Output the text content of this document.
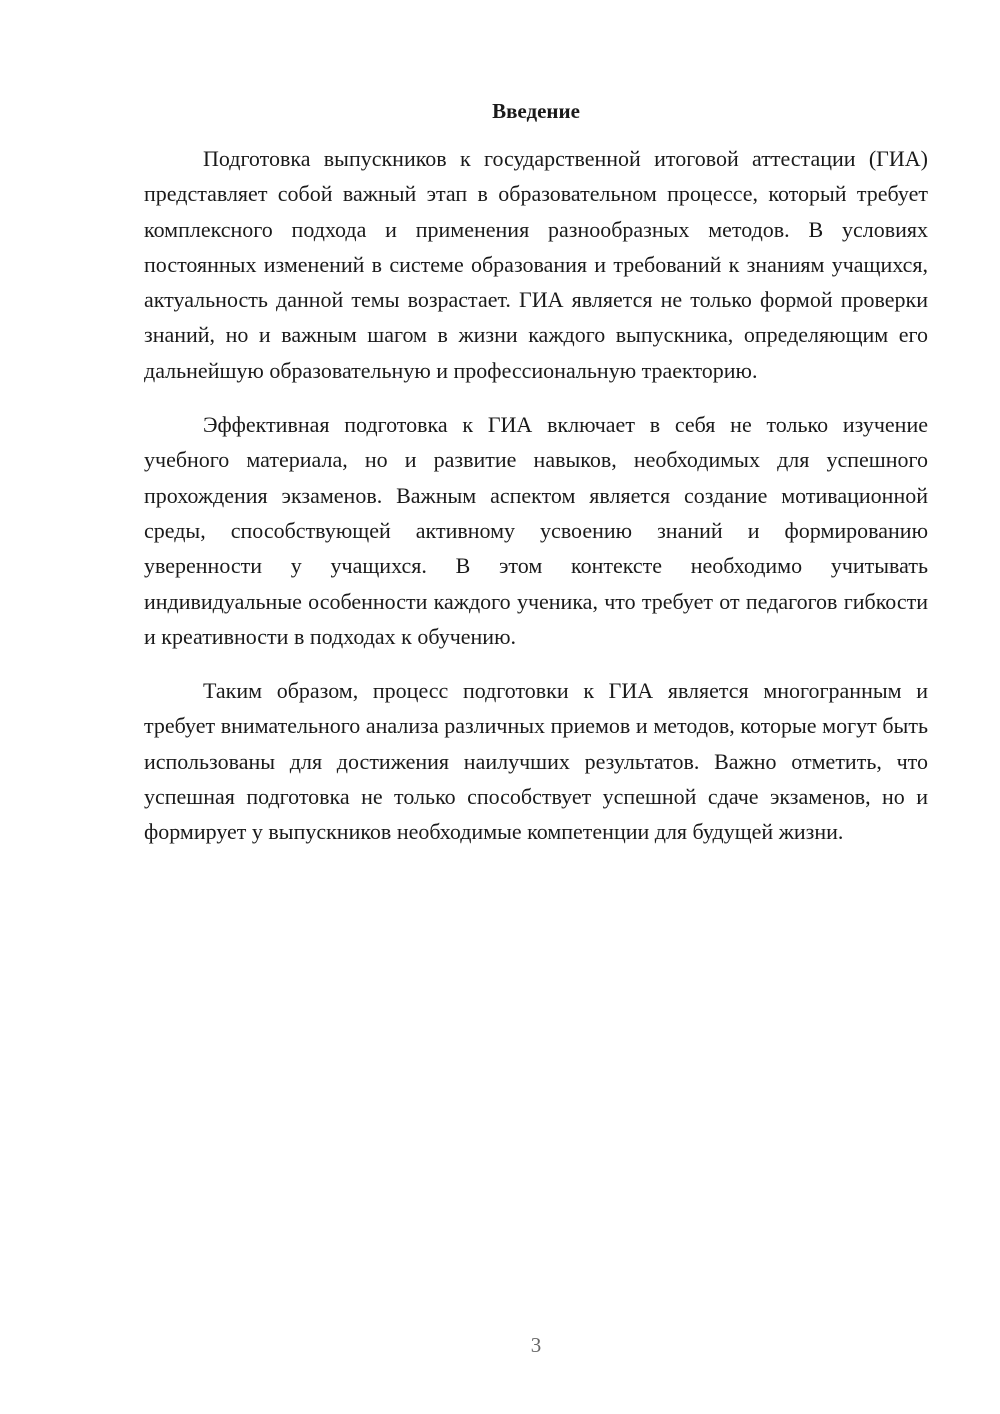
Введение

Подготовка выпускников к государственной итоговой аттестации (ГИА) представляет собой важный этап в образовательном процессе, который требует комплексного подхода и применения разнообразных методов. В условиях постоянных изменений в системе образования и требований к знаниям учащихся, актуальность данной темы возрастает. ГИА является не только формой проверки знаний, но и важным шагом в жизни каждого выпускника, определяющим его дальнейшую образовательную и профессиональную траекторию.

Эффективная подготовка к ГИА включает в себя не только изучение учебного материала, но и развитие навыков, необходимых для успешного прохождения экзаменов. Важным аспектом является создание мотивационной среды, способствующей активному усвоению знаний и формированию уверенности у учащихся. В этом контексте необходимо учитывать индивидуальные особенности каждого ученика, что требует от педагогов гибкости и креативности в подходах к обучению.

Таким образом, процесс подготовки к ГИА является многогранным и требует внимательного анализа различных приемов и методов, которые могут быть использованы для достижения наилучших результатов. Важно отметить, что успешная подготовка не только способствует успешной сдаче экзаменов, но и формирует у выпускников необходимые компетенции для будущей жизни.

3
